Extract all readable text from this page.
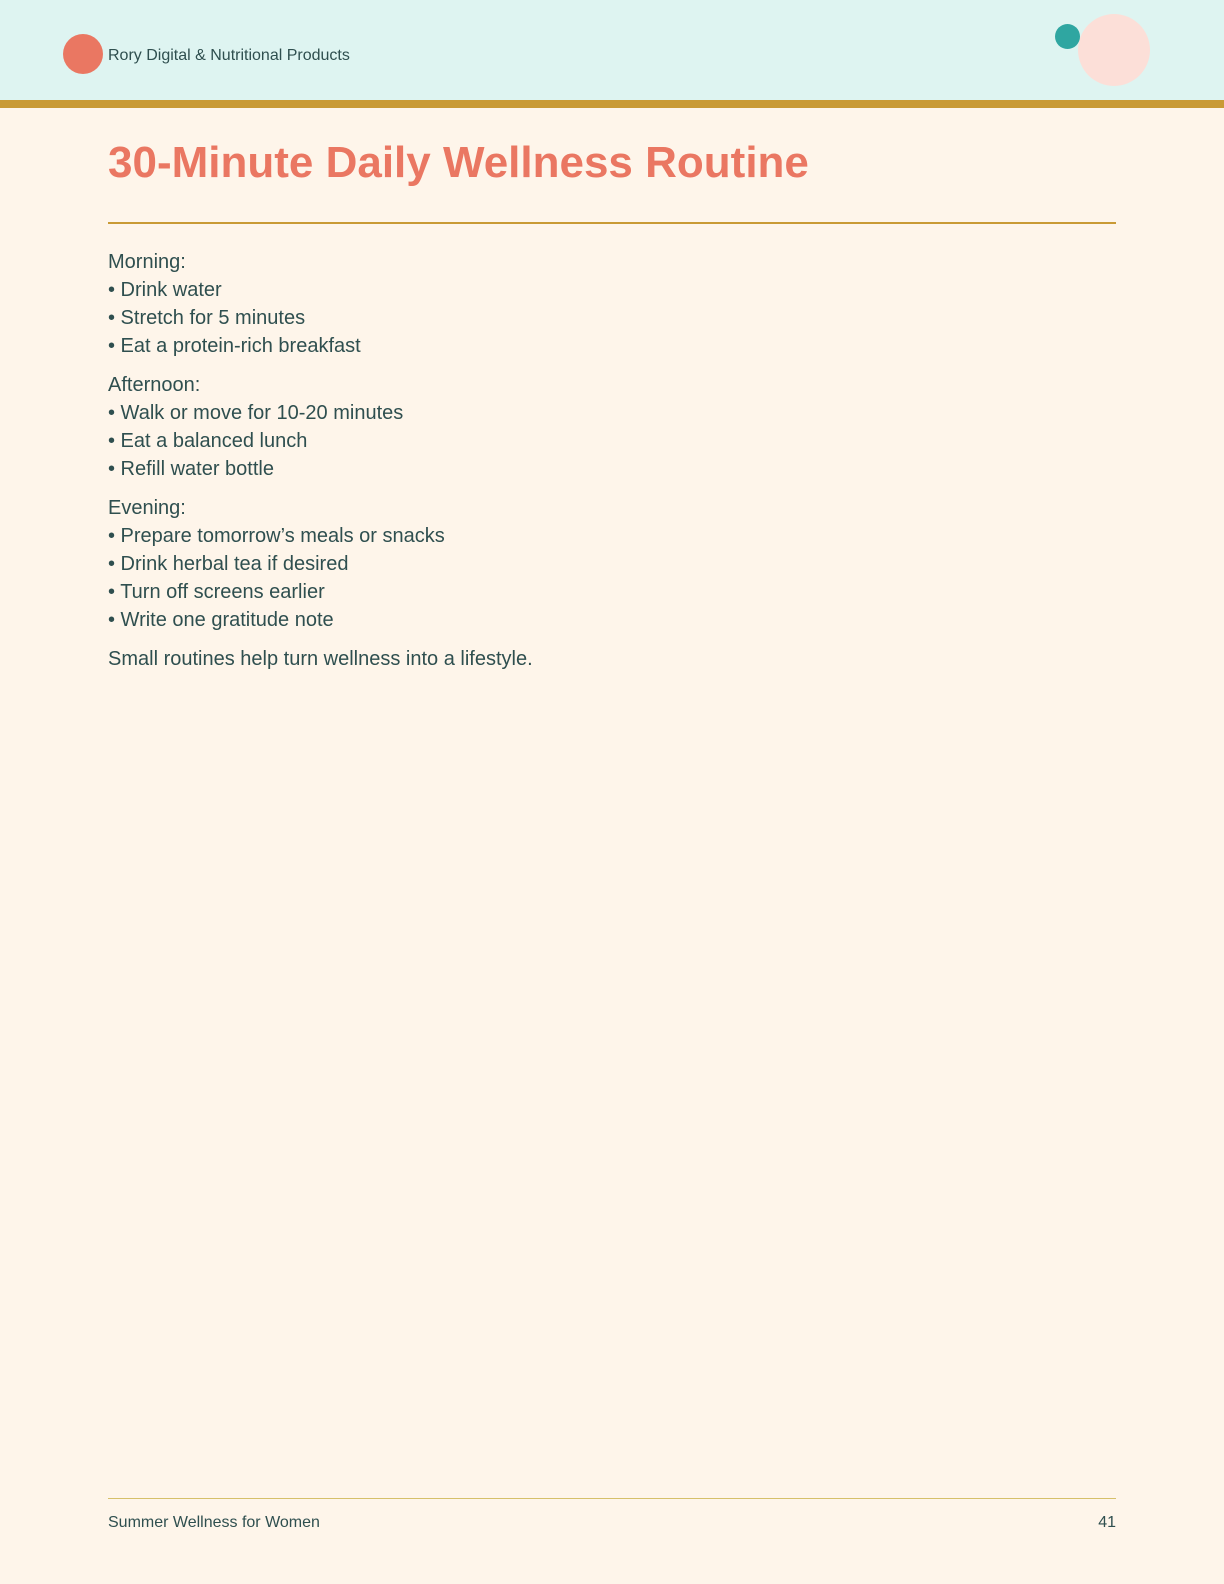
Rory Digital & Nutritional Products
30-Minute Daily Wellness Routine
Morning:
• Drink water
• Stretch for 5 minutes
• Eat a protein-rich breakfast
Afternoon:
• Walk or move for 10-20 minutes
• Eat a balanced lunch
• Refill water bottle
Evening:
• Prepare tomorrow’s meals or snacks
• Drink herbal tea if desired
• Turn off screens earlier
• Write one gratitude note
Small routines help turn wellness into a lifestyle.
Summer Wellness for Women	41
